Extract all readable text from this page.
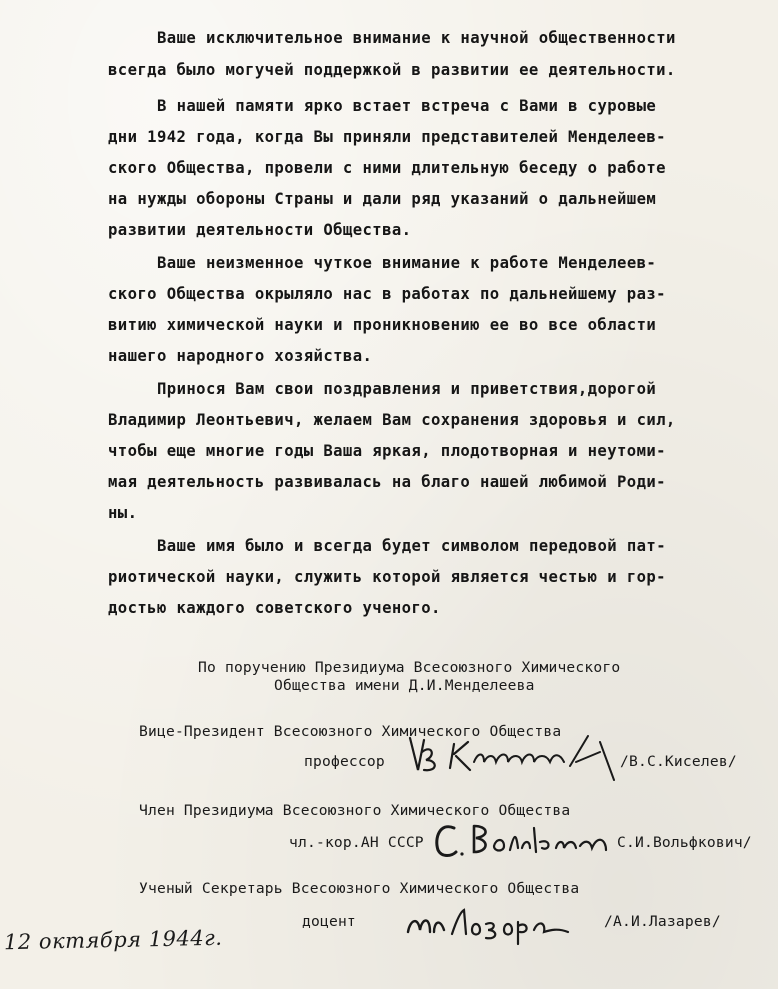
Ваше исключительное внимание к научной общественности
всегда было могучей поддержкой в развитии ее деятельности.
В нашей памяти ярко встает встреча с Вами в суровые
дни 1942 года, когда Вы приняли представителей Менделеев-
ского Общества, провели с ними длительную беседу о работе
на нужды обороны Страны и дали ряд указаний о дальнейшем
развитии деятельности Общества.
Ваше неизменное чуткое внимание к работе Менделеев-
ского Общества окрыляло нас в работах по дальнейшему раз-
витию химической науки и проникновению ее во все области
нашего народного хозяйства.
Принося Вам свои поздравления и приветствия,дорогой
Владимир Леонтьевич, желаем Вам сохранения здоровья и сил,
чтобы еще многие годы Ваша яркая, плодотворная и неутоми-
мая деятельность развивалась на благо нашей любимой Роди-
ны.
Ваше имя было и всегда будет символом передовой пат-
риотической науки, служить которой является честью и гор-
достью каждого советского ученого.
По поручению Президиума Всесоюзного Химического
Общества имени Д.И.Менделеева
Вице-Президент Всесоюзного Химического Общества
профессор	/В.С.Киселев/
Член Президиума Всесоюзного Химического Общества
чл.-кор.АН СССР	С.И.Вольфкович/
Ученый Секретарь Всесоюзного Химического Общества
доцент	/А.И.Лазарев/
12 октября 1944г.
